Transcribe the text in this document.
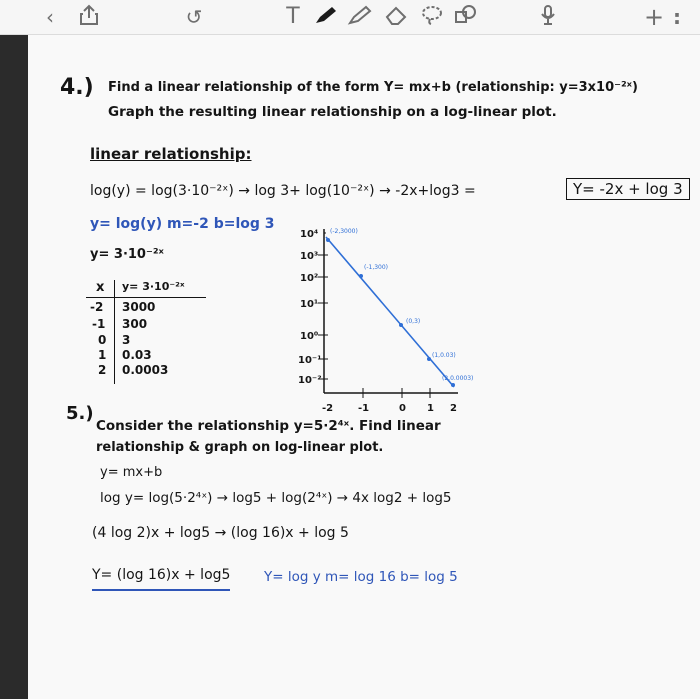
‹	↺	T	+ :
4.) Find a linear relationship of the form Y= mx+b (relationship: y=3x10⁻²ˣ)
Graph the resulting linear relationship on a log-linear plot.
linear relationship:
log(y) = log(3·10⁻²ˣ) → log 3+ log(10⁻²ˣ) → -2x+log3 =	Y= -2x + log 3
y= log(y) m=-2 b=log 3
y= 3·10⁻²ˣ
x y= 3·10⁻²ˣ
-2 3000
-1 300
0 3
1 0.03
2 0.0003
10⁴
10³
10²
10¹
10⁰
10⁻¹
10⁻²
-2 -1	0 1 2
(-2,3000)
(-1,300)
(0,3)
(1,0.03)
(2,0.0003)
5.)
Consider the relationship y=5·2⁴ˣ. Find linear
relationship & graph on log-linear plot.
y= mx+b
log y= log(5·2⁴ˣ) → log5 + log(2⁴ˣ) → 4x log2 + log5
(4 log 2)x + log5 → (log 16)x + log 5
Y= (log 16)x + log5 Y= log y m= log 16 b= log 5
